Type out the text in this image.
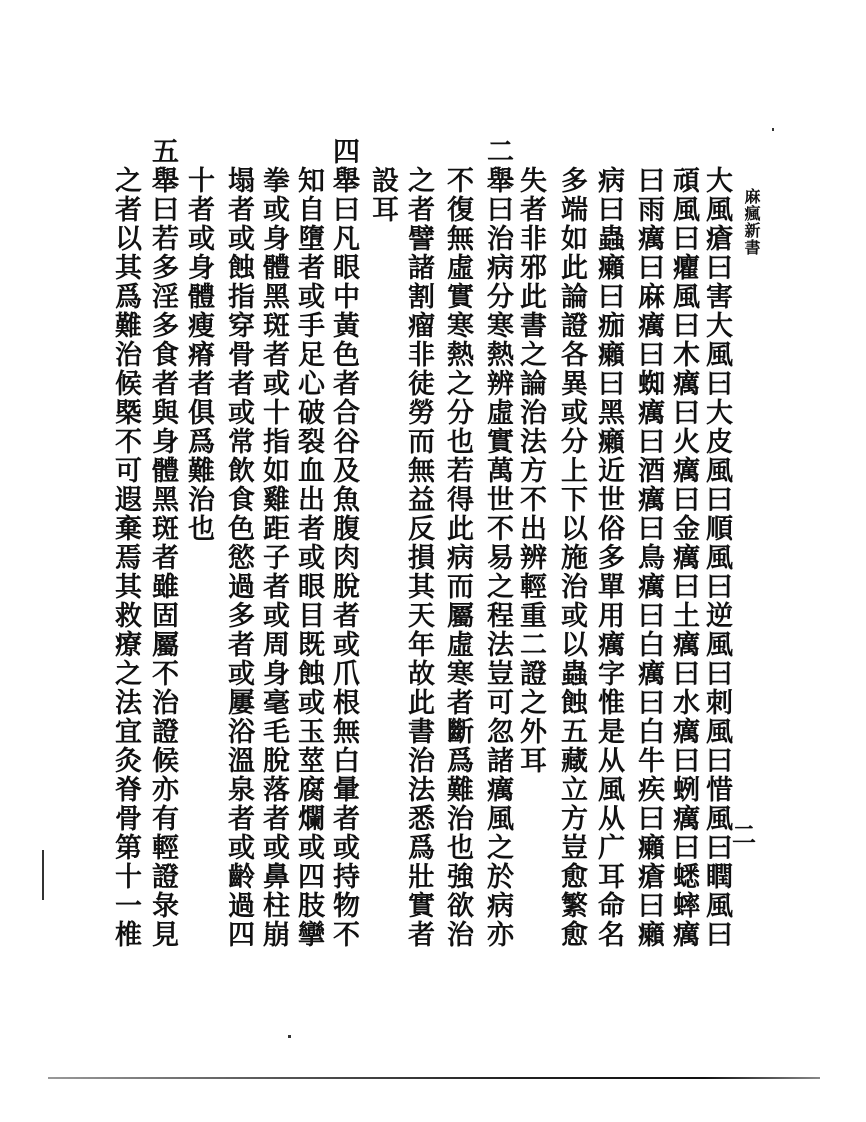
麻瘋新書
二
大風瘡曰害大風曰大皮風曰順風曰逆風曰刺風曰惜風曰瞤風曰
頑風曰癯風曰木癘曰火癘曰金癘曰土癘曰水癘曰蛚癘曰蟋蟀癘
曰雨癘曰麻癘曰蜘癘曰酒癘曰鳥癘曰白癘曰白牛疾曰癩瘡曰癩
病曰蟲癩曰痂癩曰黑癩近世俗多單用癘字惟是从風从广耳命名
多端如此論證各異或分上下以施治或以蟲蝕五藏立方豈愈繁愈
失者非邪此書之論治法方不出辨輕重二證之外耳
二舉曰治病分寒熱辨虛實萬世不易之程法豈可忽諸癘風之於病亦
不復無虛實寒熱之分也若得此病而屬虛寒者斷爲難治也強欲治
之者譬諸割瘤非徒勞而無益反損其天年故此書治法悉爲壯實者
設耳
四舉曰凡眼中黃色者合谷及魚腹肉脫者或爪根無白暈者或持物不
知自墮者或手足心破裂血出者或眼目既蝕或玉莖腐爛或四肢攣
拳或身體黑斑者或十指如雞距子者或周身毫毛脫落者或鼻柱崩
塌者或蝕指穿骨者或常飲食色慾過多者或屢浴溫泉者或齡過四
十者或身體瘦瘠者俱爲難治也
五舉曰若多淫多食者與身體黑斑者雖固屬不治證候亦有輕證彔見
之者以其爲難治候槩不可遐棄焉其救療之法宜灸脊骨第十一椎
